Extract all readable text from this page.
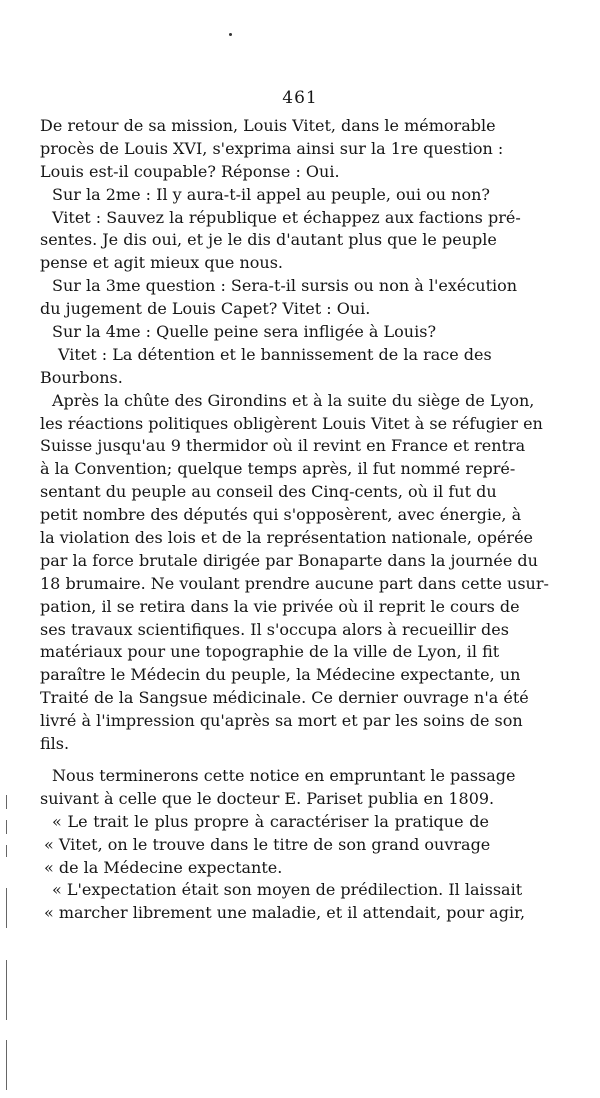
461
De retour de sa mission, Louis Vitet, dans le mémorable
procès de Louis XVI, s'exprima ainsi sur la 1re question :
Louis est-il coupable? Réponse : Oui.
Sur la 2me : Il y aura-t-il appel au peuple, oui ou non?
Vitet : Sauvez la république et échappez aux factions pré-
sentes. Je dis oui, et je le dis d'autant plus que le peuple
pense et agit mieux que nous.
Sur la 3me question : Sera-t-il sursis ou non à l'exécution
du jugement de Louis Capet? Vitet : Oui.
Sur la 4me : Quelle peine sera infligée à Louis?
Vitet : La détention et le bannissement de la race des
Bourbons.
Après la chûte des Girondins et à la suite du siège de Lyon,
les réactions politiques obligèrent Louis Vitet à se réfugier en
Suisse jusqu'au 9 thermidor où il revint en France et rentra
à la Convention; quelque temps après, il fut nommé repré-
sentant du peuple au conseil des Cinq-cents, où il fut du
petit nombre des députés qui s'opposèrent, avec énergie, à
la violation des lois et de la représentation nationale, opérée
par la force brutale dirigée par Bonaparte dans la journée du
18 brumaire. Ne voulant prendre aucune part dans cette usur-
pation, il se retira dans la vie privée où il reprit le cours de
ses travaux scientifiques. Il s'occupa alors à recueillir des
matériaux pour une topographie de la ville de Lyon, il fit
paraître le Médecin du peuple, la Médecine expectante, un
Traité de la Sangsue médicinale. Ce dernier ouvrage n'a été
livré à l'impression qu'après sa mort et par les soins de son
fils.
Nous terminerons cette notice en empruntant le passage
suivant à celle que le docteur E. Pariset publia en 1809.
« Le trait le plus propre à caractériser la pratique de
« Vitet, on le trouve dans le titre de son grand ouvrage
« de la Médecine expectante.
« L'expectation était son moyen de prédilection. Il laissait
« marcher librement une maladie, et il attendait, pour agir,
